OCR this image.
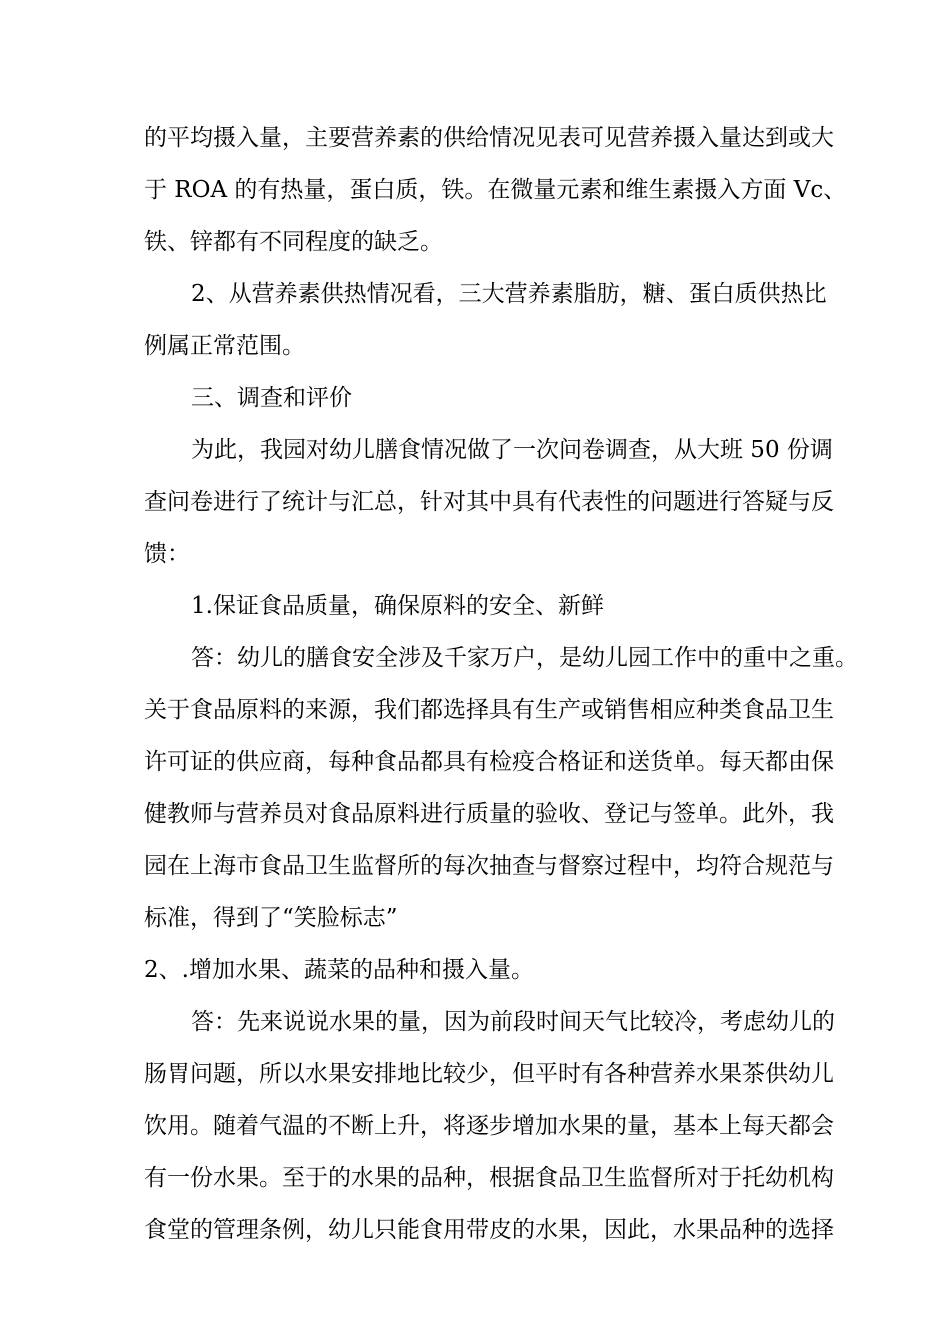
的平均摄入量，主要营养素的供给情况见表可见营养摄入量达到或大

于 ROA 的有热量，蛋白质，铁。在微量元素和维生素摄入方面 Vc、

铁、锌都有不同程度的缺乏。

2、从营养素供热情况看，三大营养素脂肪，糖、蛋白质供热比

例属正常范围。

三、调查和评价

为此，我园对幼儿膳食情况做了一次问卷调查，从大班 50 份调

查问卷进行了统计与汇总，针对其中具有代表性的问题进行答疑与反

馈：

1.保证食品质量，确保原料的安全、新鲜

答：幼儿的膳食安全涉及千家万户，是幼儿园工作中的重中之重。

关于食品原料的来源，我们都选择具有生产或销售相应种类食品卫生

许可证的供应商，每种食品都具有检疫合格证和送货单。每天都由保

健教师与营养员对食品原料进行质量的验收、登记与签单。此外，我

园在上海市食品卫生监督所的每次抽查与督察过程中，均符合规范与

标准，得到了“笑脸标志”

2、.增加水果、蔬菜的品种和摄入量。

答：先来说说水果的量，因为前段时间天气比较冷，考虑幼儿的

肠胃问题，所以水果安排地比较少，但平时有各种营养水果茶供幼儿

饮用。随着气温的不断上升，将逐步增加水果的量，基本上每天都会

有一份水果。至于的水果的品种，根据食品卫生监督所对于托幼机构

食堂的管理条例，幼儿只能食用带皮的水果，因此，水果品种的选择
